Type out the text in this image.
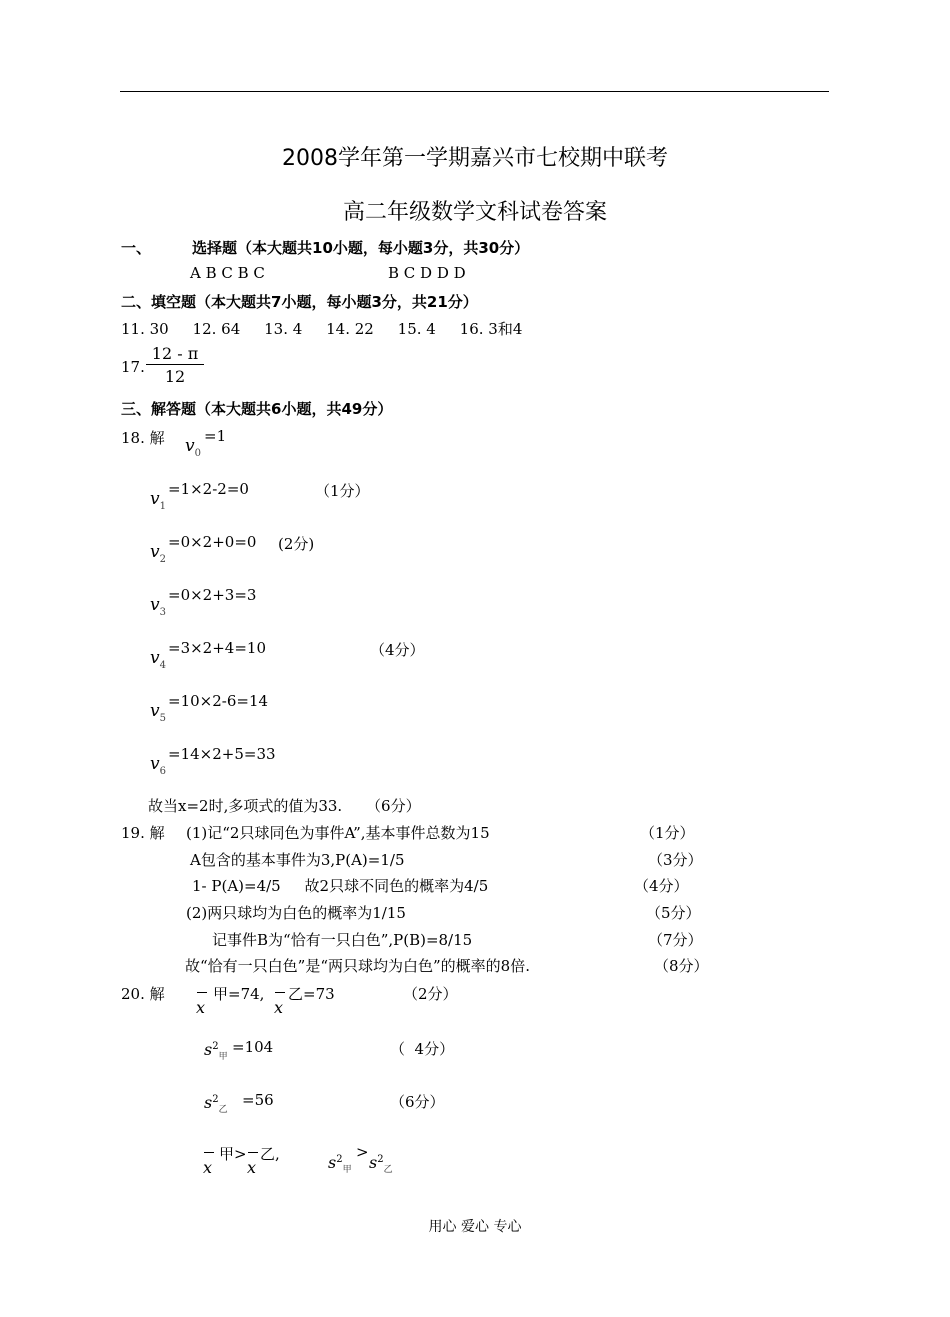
2008学年第一学期嘉兴市七校期中联考
高二年级数学文科试卷答案
一、	选择题（本大题共10小题，每小题3分，共30分）
A B C B C	B C D D D
二、填空题（本大题共7小题，每小题3分，共21分）
11. 30     12. 64     13. 4     14. 22     15. 4     16. 3和4
17. $\frac{12 - \pi}{12}$
三、解答题（本大题共6小题，共49分）
18. 解 $v_0$
=1
$v_1$
=1×2-2=0	（1分）
$v_2$
=0×2+0=0 (2分)
$v_3$
=0×2+3=3
$v_4$
=3×2+4=10	（4分）
$v_5$
=10×2-6=14
$v_6$
=14×2+5=33
故当x=2时,多项式的值为33.     （6分）
19. 解 (1)记“2只球同色为事件A”,基本事件总数为15	（1分）
A包含的基本事件为3,P(A)=1/5	（3分）
1- P(A)=4/5     故2只球不同色的概率为4/5	（4分）
(2)两只球均为白色的概率为1/15	（5分）
记事件B为“恰有一只白色”,P(B)=8/15	（7分）
故“恰有一只白色”是“两只球均为白色”的概率的8倍.	（8分）
20. 解
x
甲=74,
x
乙=73	（2分）
$s^2_甲$
=104	（  4分）
$s^2_乙$
=56	（6分）
x
甲>
x
乙,	$s^2_甲$
>
$s^2_乙$
用心 爱心 专心
